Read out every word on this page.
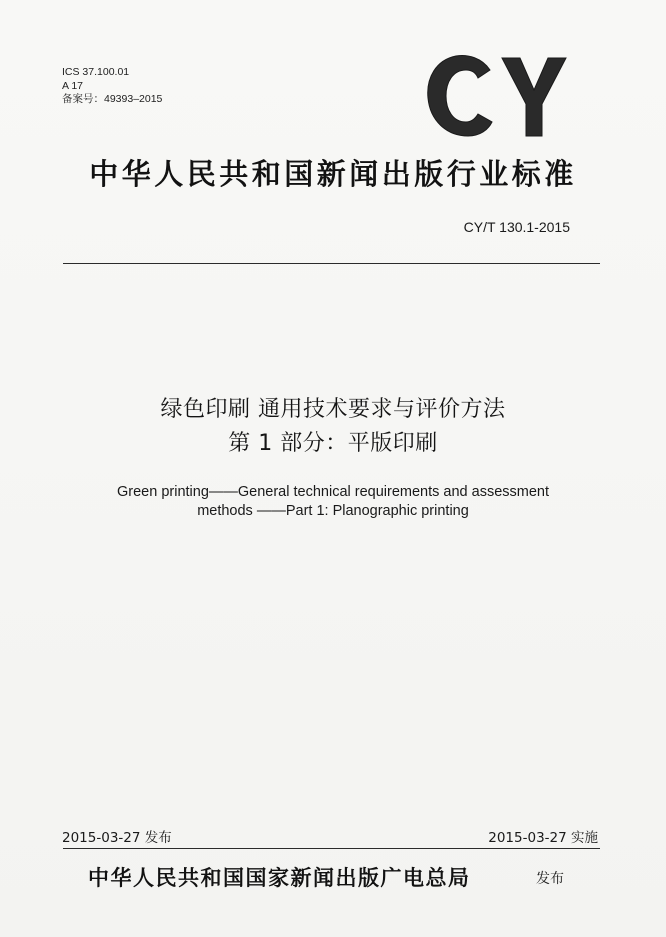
ICS 37.100.01
A 17
备案号：49393–2015
中华人民共和国新闻出版行业标准
CY/T 130.1-2015
绿色印刷 通用技术要求与评价方法
第 1 部分：平版印刷
Green printing——General technical requirements and assessment
methods ——Part 1: Planographic printing
2015-03-27 发布	2015-03-27 实施
中华人民共和国国家新闻出版广电总局	发布
